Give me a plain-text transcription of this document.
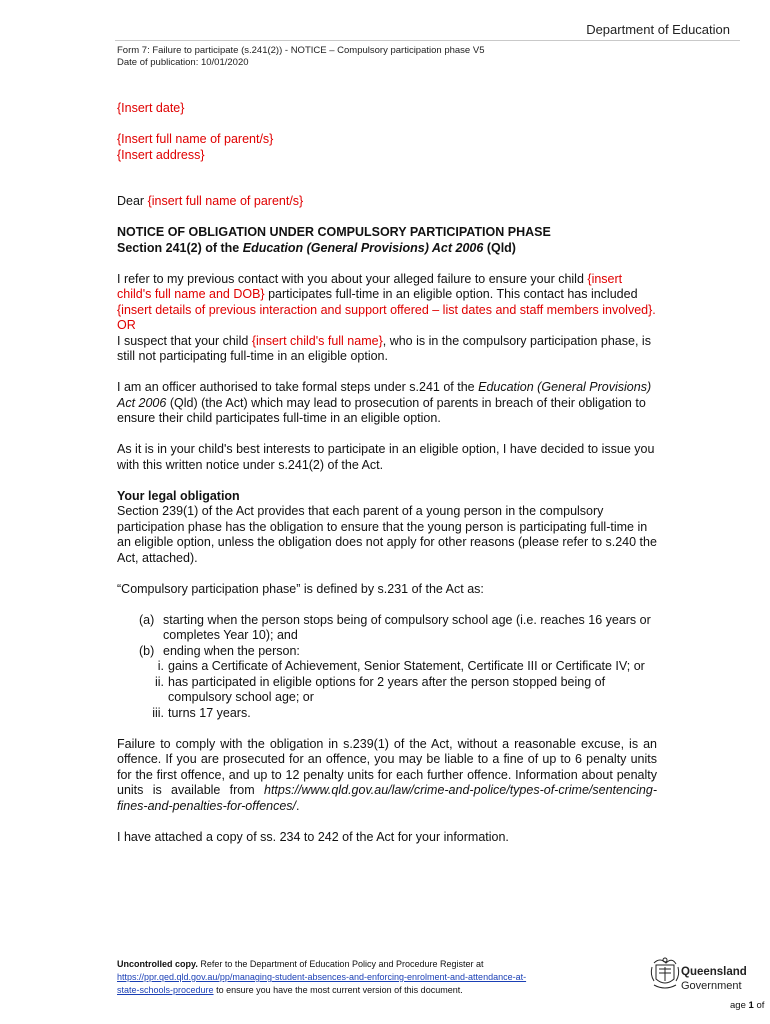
Department of Education
Form 7: Failure to participate (s.241(2)) - NOTICE – Compulsory participation phase V5
Date of publication: 10/01/2020

{Insert date}

{Insert full name of parent/s}

{Insert address}

Dear {insert full name of parent/s}

NOTICE OF OBLIGATION UNDER COMPULSORY PARTICIPATION PHASE

Section 241(2) of the Education (General Provisions) Act 2006 (Qld)

I refer to my previous contact with you about your alleged failure to ensure your child {insert child's full name and DOB} participates full-time in an eligible option. This contact has included {insert details of previous interaction and support offered – list dates and staff members involved}.

OR

I suspect that your child {insert child's full name}, who is in the compulsory participation phase, is still not participating full-time in an eligible option.

I am an officer authorised to take formal steps under s.241 of the Education (General Provisions) Act 2006 (Qld) (the Act) which may lead to prosecution of parents in breach of their obligation to ensure their child participates full-time in an eligible option.

As it is in your child's best interests to participate in an eligible option, I have decided to issue you with this written notice under s.241(2) of the Act.

Your legal obligation

Section 239(1) of the Act provides that each parent of a young person in the compulsory participation phase has the obligation to ensure that the young person is participating full-time in an eligible option, unless the obligation does not apply for other reasons (please refer to s.240 the Act, attached).

“Compulsory participation phase” is defined by s.231 of the Act as:

(a) starting when the person stops being of compulsory school age (i.e. reaches 16 years or completes Year 10); and
(b) ending when the person:
i. gains a Certificate of Achievement, Senior Statement, Certificate III or Certificate IV; or
ii. has participated in eligible options for 2 years after the person stopped being of compulsory school age; or
iii. turns 17 years.

Failure to comply with the obligation in s.239(1) of the Act, without a reasonable excuse, is an offence. If you are prosecuted for an offence, you may be liable to a fine of up to 6 penalty units for the first offence, and up to 12 penalty units for each further offence. Information about penalty units is available from https://www.qld.gov.au/law/crime-and-police/types-of-crime/sentencing-fines-and-penalties-for-offences/.

I have attached a copy of ss. 234 to 242 of the Act for your information.

Uncontrolled copy. Refer to the Department of Education Policy and Procedure Register at https://ppr.qed.qld.gov.au/pp/managing-student-absences-and-enforcing-enrolment-and-attendance-at-state-schools-procedure to ensure you have the most current version of this document.
Queensland
Government
age 1 of
